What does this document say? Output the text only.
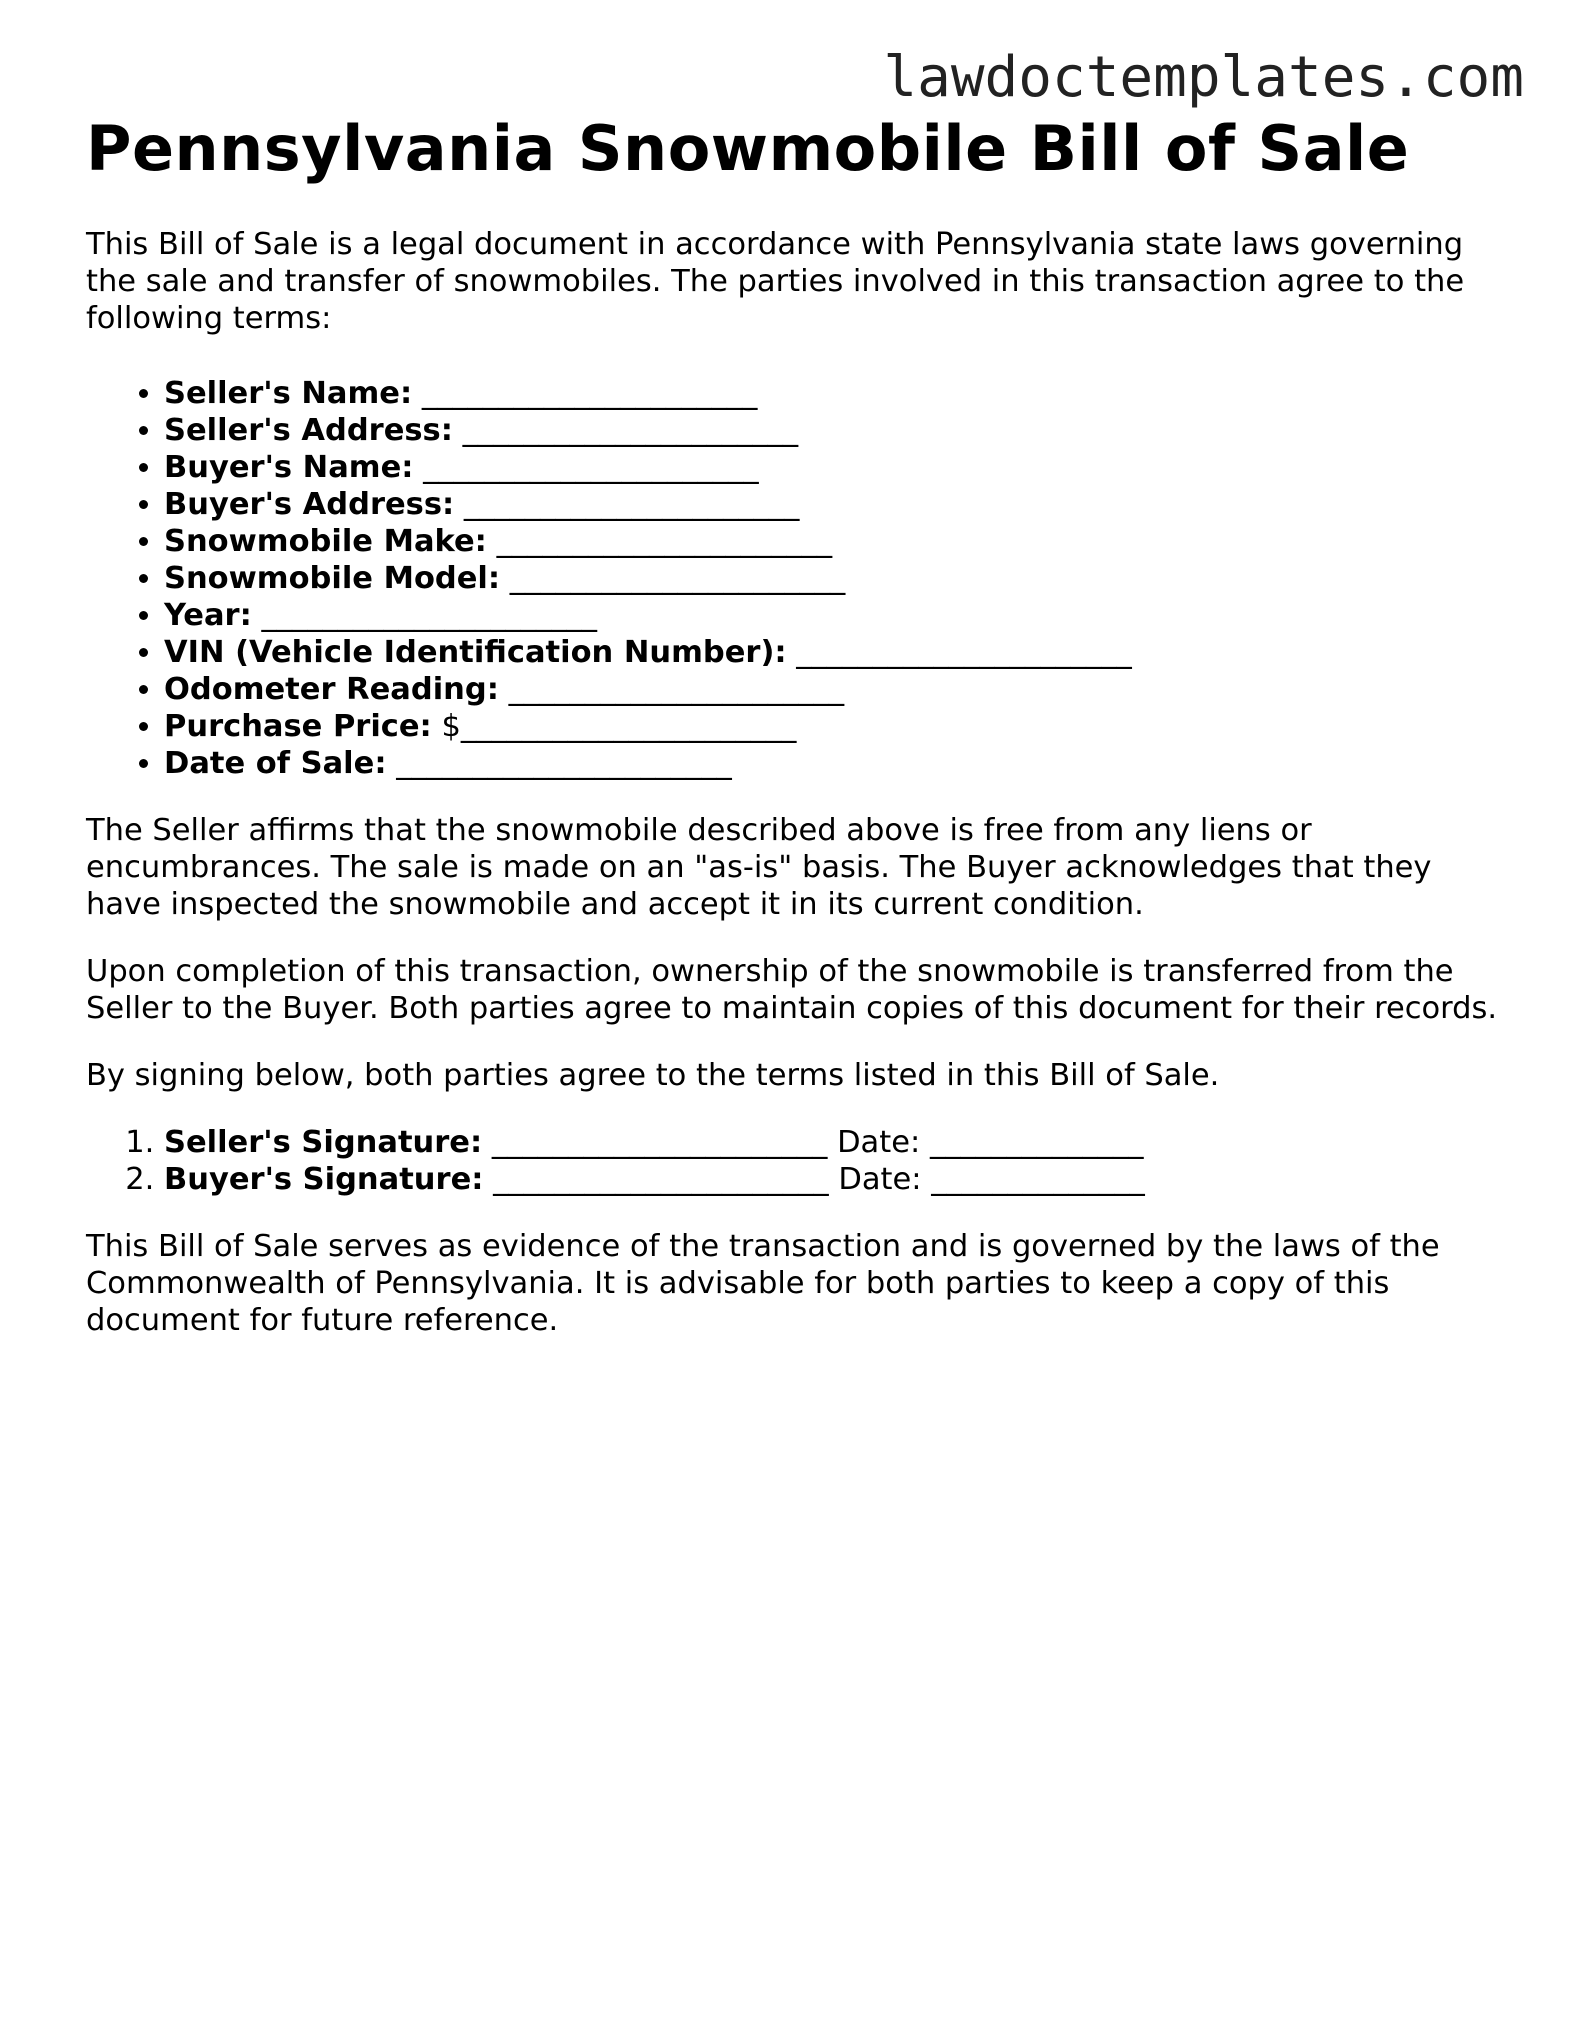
lawdoctemplates.com
Pennsylvania Snowmobile Bill of Sale

This Bill of Sale is a legal document in accordance with Pennsylvania state laws governing the sale and transfer of snowmobiles. The parties involved in this transaction agree to the following terms:

• Seller's Name: ______________________
• Seller's Address: ______________________
• Buyer's Name: ______________________
• Buyer's Address: ______________________
• Snowmobile Make: ______________________
• Snowmobile Model: ______________________
• Year: ______________________
• VIN (Vehicle Identification Number): ______________________
• Odometer Reading: ______________________
• Purchase Price: $______________________
• Date of Sale: ______________________

The Seller affirms that the snowmobile described above is free from any liens or encumbrances. The sale is made on an "as-is" basis. The Buyer acknowledges that they have inspected the snowmobile and accept it in its current condition.

Upon completion of this transaction, ownership of the snowmobile is transferred from the Seller to the Buyer. Both parties agree to maintain copies of this document for their records.

By signing below, both parties agree to the terms listed in this Bill of Sale.

1. Seller's Signature: ______________________ Date: ______________
2. Buyer's Signature: ______________________ Date: ______________

This Bill of Sale serves as evidence of the transaction and is governed by the laws of the Commonwealth of Pennsylvania. It is advisable for both parties to keep a copy of this document for future reference.
